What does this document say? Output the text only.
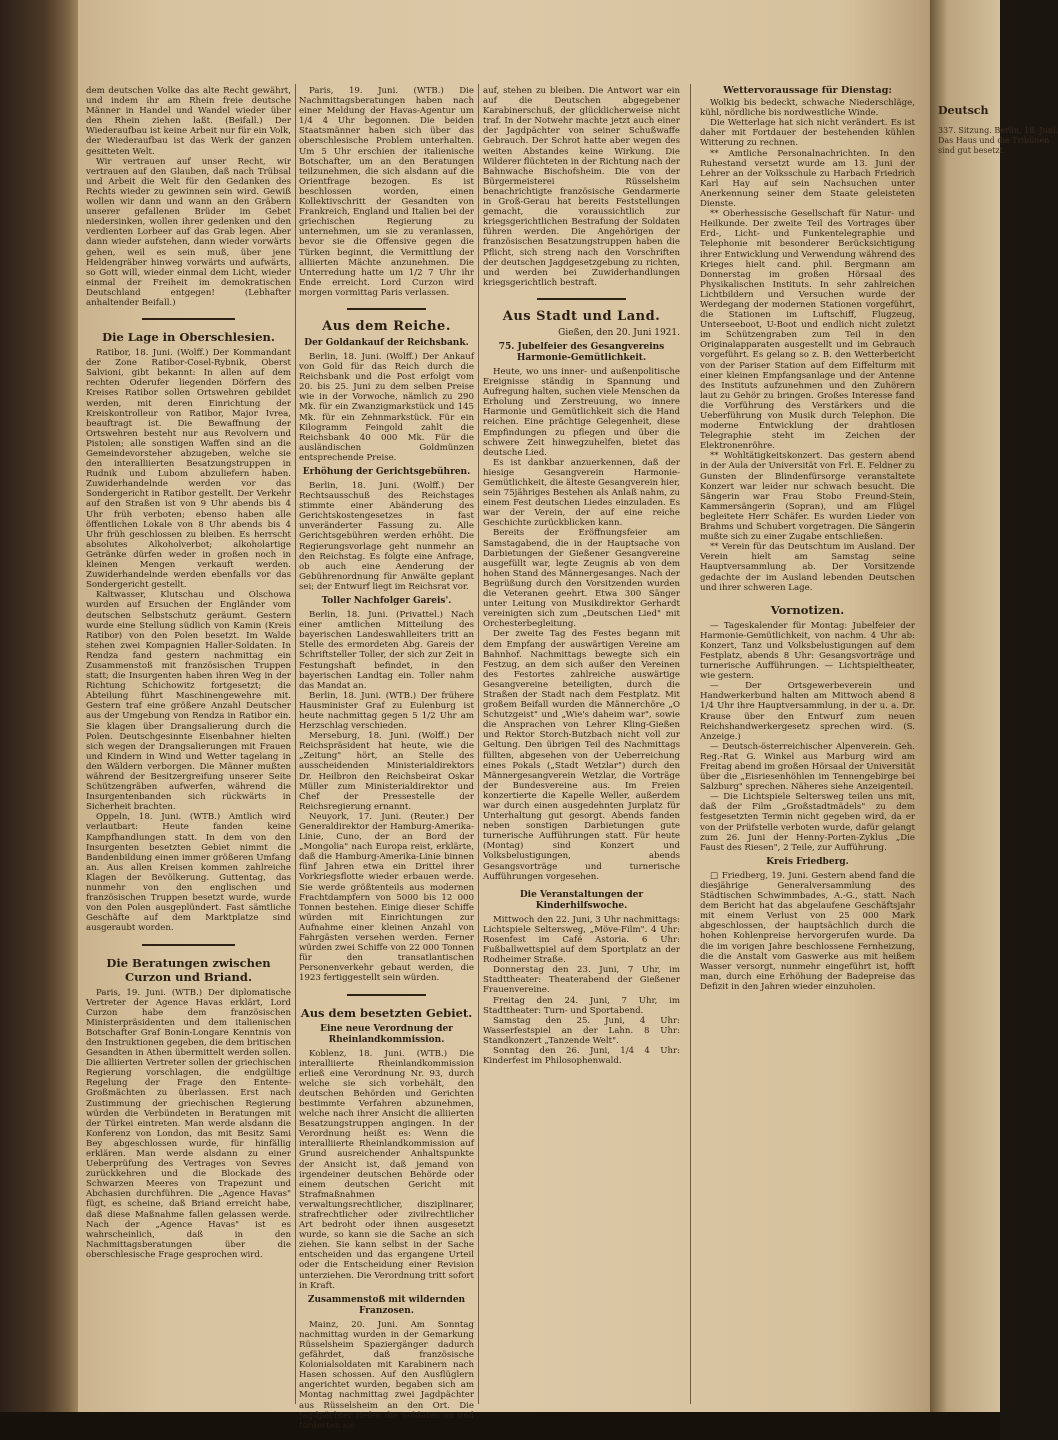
Deutsch
337. Sitzung. Berlin, 18. Juni. Das Haus und die Tribünen sind gut besetzt.

dem deutschen Volke das alte Recht gewährt, und indem ihr am Rhein freie deutsche Männer in Handel und Wandel wieder über den Rhein ziehen laßt. (Beifall.) Der Wiederaufbau ist keine Arbeit nur für ein Volk, der Wiederaufbau ist das Werk der ganzen gesitteten Welt.

Wir vertrauen auf unser Recht, wir vertrauen auf den Glauben, daß nach Trübsal und Arbeit die Welt für den Gedanken des Rechts wieder zu gewinnen sein wird. Gewiß wollen wir dann und wann an den Gräbern unserer gefallenen Brüder im Gebet niedersinken, wollen ihrer gedenken und den verdienten Lorbeer auf das Grab legen. Aber dann wieder aufstehen, dann wieder vorwärts gehen, weil es sein muß, über jene Heldengräber hinweg vorwärts und aufwärts, so Gott will, wieder einmal dem Licht, wieder einmal der Freiheit im demokratischen Deutschland entgegen! (Lebhafter anhaltender Beifall.)

Die Lage in Oberschlesien.

Ratibor, 18. Juni. (Wolff.) Der Kommandant der Zone Ratibor-Cosel-Rybnik, Oberst Salvioni, gibt bekannt: In allen auf dem rechten Oderufer liegenden Dörfern des Kreises Ratibor sollen Ortswehren gebildet werden, mit deren Einrichtung der Kreiskontrolleur von Ratibor, Major Ivrea, beauftragt ist. Die Bewaffnung der Ortswehren besteht nur aus Revolvern und Pistolen; alle sonstigen Waffen sind an die Gemeindevorsteher abzugeben, welche sie den interalliierten Besatzungstruppen in Rudnik und Lubom abzuliefern haben. Zuwiderhandelnde werden vor das Sondergericht in Ratibor gestellt. Der Verkehr auf den Straßen ist von 9 Uhr abends bis 4 Uhr früh verboten; ebenso haben alle öffentlichen Lokale von 8 Uhr abends bis 4 Uhr früh geschlossen zu bleiben. Es herrscht absolutes Alkoholverbot; alkoholartige Getränke dürfen weder in großen noch in kleinen Mengen verkauft werden. Zuwiderhandelnde werden ebenfalls vor das Sondergericht gestellt.

Kaltwasser, Klutschau und Olschowa wurden auf Ersuchen der Engländer vom deutschen Selbstschutz geräumt. Gestern wurde eine Stellung südlich von Kamin (Kreis Ratibor) von den Polen besetzt. Im Walde stehen zwei Kompagnien Haller-Soldaten. In Rendza fand gestern nachmittag ein Zusammenstoß mit französischen Truppen statt; die Insurgenten haben ihren Weg in der Richtung Schichowitz fortgesetzt; die Abteilung führt Maschinengewehre mit. Gestern traf eine größere Anzahl Deutscher aus der Umgebung von Rendza in Ratibor ein. Sie klagen über Drangsalierung durch die Polen. Deutschgesinnte Eisenbahner hielten sich wegen der Drangsalierungen mit Frauen und Kindern in Wind und Wetter tagelang in den Wäldern verborgen. Die Männer mußten während der Besitzergreifung unserer Seite Schützengräben aufwerfen, während die Insurgentenbanden sich rückwärts in Sicherheit brachten.

Oppeln, 18. Juni. (WTB.) Amtlich wird verlautbart: Heute fanden keine Kampfhandlungen statt. In dem von den Insurgenten besetzten Gebiet nimmt die Bandenbildung einen immer größeren Umfang an. Aus allen Kreisen kommen zahlreiche Klagen der Bevölkerung. Guttentag, das nunmehr von den englischen und französischen Truppen besetzt wurde, wurde von den Polen ausgeplündert. Fast sämtliche Geschäfte auf dem Marktplatze sind ausgeraubt worden.

Die Beratungen zwischen Curzon und Briand.

Paris, 19. Juni. (WTB.) Der diplomatische Vertreter der Agence Havas erklärt, Lord Curzon habe dem französischen Ministerpräsidenten und dem italienischen Botschafter Graf Bonin-Longare Kenntnis von den Instruktionen gegeben, die dem britischen Gesandten in Athen übermittelt werden sollen. Die alliierten Vertreter sollen der griechischen Regierung vorschlagen, die endgültige Regelung der Frage den Entente-Großmächten zu überlassen. Erst nach Zustimmung der griechischen Regierung würden die Verbündeten in Beratungen mit der Türkei eintreten. Man werde alsdann die Konferenz von London, das mit Besitz Sami Bey abgeschlossen wurde, für hinfällig erklären. Man werde alsdann zu einer Ueberprüfung des Vertrages von Sevres zurückkehren und die Blockade des Schwarzen Meeres von Trapezunt und Abchasien durchführen. Die „Agence Havas" fügt, es scheine, daß Briand erreicht habe, daß diese Maßnahme fallen gelassen werde. Nach der „Agence Havas" ist es wahrscheinlich, daß in den Nachmittagsberatungen über die oberschlesische Frage gesprochen wird.

Paris, 19. Juni. (WTB.) Die Nachmittagsberatungen haben nach einer Meldung der Havas-Agentur um 1/4 4 Uhr begonnen. Die beiden Staatsmänner haben sich über das oberschlesische Problem unterhalten. Um 5 Uhr erschien der italienische Botschafter, um an den Beratungen teilzunehmen, die sich alsdann auf die Orientfrage bezogen. Es ist beschlossen worden, einen Kollektivschritt der Gesandten von Frankreich, England und Italien bei der griechischen Regierung zu unternehmen, um sie zu veranlassen, bevor sie die Offensive gegen die Türken beginnt, die Vermittlung der alliierten Mächte anzunehmen. Die Unterredung hatte um 1/2 7 Uhr ihr Ende erreicht. Lord Curzon wird morgen vormittag Paris verlassen.

Aus dem Reiche.
Der Goldankauf der Reichsbank.

Berlin, 18. Juni. (Wolff.) Der Ankauf von Gold für das Reich durch die Reichsbank und die Post erfolgt vom 20. bis 25. Juni zu dem selben Preise wie in der Vorwoche, nämlich zu 290 Mk. für ein Zwanzigmarkstück und 145 Mk. für ein Zehnmarkstück. Für ein Kilogramm Feingold zahlt die Reichsbank 40 000 Mk. Für die ausländischen Goldmünzen entsprechende Preise.

Erhöhung der Gerichtsgebühren.

Berlin, 18. Juni. (Wolff.) Der Rechtsausschuß des Reichstages stimmte einer Abänderung des Gerichtskostengesetzes in fast unveränderter Fassung zu. Alle Gerichtsgebühren werden erhöht. Die Regierungsvorlage geht nunmehr an den Reichstag. Es folgte eine Anfrage, ob auch eine Aenderung der Gebührenordnung für Anwälte geplant sei; der Entwurf liegt im Reichsrat vor.

Toller Nachfolger Gareis'.

Berlin, 18. Juni. (Privattel.) Nach einer amtlichen Mitteilung des bayerischen Landeswahlleiters tritt an Stelle des ermordeten Abg. Gareis der Schriftsteller Toller, der sich zur Zeit in Festungshaft befindet, in den bayerischen Landtag ein. Toller nahm das Mandat an.

Berlin, 18. Juni. (WTB.) Der frühere Hausminister Graf zu Eulenburg ist heute nachmittag gegen 5 1/2 Uhr am Herzschlag verschieden.

Merseburg, 18. Juni. (Wolff.) Der Reichspräsident hat heute, wie die „Zeitung" hört, an Stelle des ausscheidenden Ministerialdirektors Dr. Heilbron den Reichsbeirat Oskar Müller zum Ministerialdirektor und Chef der Pressestelle der Reichsregierung ernannt.

Neuyork, 17. Juni. (Reuter.) Der Generaldirektor der Hamburg-Amerika-Linie, Cuno, der an Bord der „Mongolia" nach Europa reist, erklärte, daß die Hamburg-Amerika-Linie binnen fünf Jahren etwa ein Drittel ihrer Vorkriegsflotte wieder erbauen werde. Sie werde größtenteils aus modernen Frachtdampfern von 5000 bis 12 000 Tonnen bestehen. Einige dieser Schiffe würden mit Einrichtungen zur Aufnahme einer kleinen Anzahl von Fahrgästen versehen werden. Ferner würden zwei Schiffe von 22 000 Tonnen für den transatlantischen Personenverkehr gebaut werden, die 1923 fertiggestellt sein würden.

Aus dem besetzten Gebiet.
Eine neue Verordnung der Rheinlandkommission.

Koblenz, 18. Juni. (WTB.) Die interalliierte Rheinlandkommission erließ eine Verordnung Nr. 93, durch welche sie sich vorbehält, den deutschen Behörden und Gerichten bestimmte Verfahren abzunehmen, welche nach ihrer Ansicht die alliierten Besatzungstruppen angingen. In der Verordnung heißt es: Wenn die interalliierte Rheinlandkommission auf Grund ausreichender Anhaltspunkte der Ansicht ist, daß jemand von irgendeiner deutschen Behörde oder einem deutschen Gericht mit Strafmaßnahmen verwaltungsrechtlicher, disziplinarer, strafrechtlicher oder zivilrechtlicher Art bedroht oder ihnen ausgesetzt wurde, so kann sie die Sache an sich ziehen. Sie kann selbst in der Sache entscheiden und das ergangene Urteil oder die Entscheidung einer Revision unterziehen. Die Verordnung tritt sofort in Kraft.

Zusammenstoß mit wildernden Franzosen.

Mainz, 20. Juni. Am Sonntag nachmittag wurden in der Gemarkung Rüsselsheim Spaziergänger dadurch gefährdet, daß französische Kolonialsoldaten mit Karabinern nach Hasen schossen. Auf den Ausflüglern angerichtet wurden, begaben sich am Montag nachmittag zwei Jagdpächter aus Rüsselsheim an den Ort. Die Jagdpächter riefen die Soldaten an und forderten sie

auf, stehen zu bleiben. Die Antwort war ein auf die Deutschen abgegebener Karabinerschuß, der glücklicherweise nicht traf. In der Notwehr machte jetzt auch einer der Jagdpächter von seiner Schußwaffe Gebrauch. Der Schrot hatte aber wegen des weiten Abstandes keine Wirkung. Die Wilderer flüchteten in der Richtung nach der Bahnwache Bischofsheim. Die von der Bürgermeisterei Rüsselsheim benachrichtigte französische Gendarmerie in Groß-Gerau hat bereits Feststellungen gemacht, die voraussichtlich zur kriegsgerichtlichen Bestrafung der Soldaten führen werden. Die Angehörigen der französischen Besatzungstruppen haben die Pflicht, sich streng nach den Vorschriften der deutschen Jagdgesetzgebung zu richten, und werden bei Zuwiderhandlungen kriegsgerichtlich bestraft.

Aus Stadt und Land.
Gießen, den 20. Juni 1921.
75. Jubelfeier des Gesangvereins Harmonie-Gemütlichkeit.

Heute, wo uns inner- und außenpolitische Ereignisse ständig in Spannung und Aufregung halten, suchen viele Menschen da Erholung und Zerstreuung, wo innere Harmonie und Gemütlichkeit sich die Hand reichen. Eine prächtige Gelegenheit, diese Empfindungen zu pflegen und über die schwere Zeit hinwegzuhelfen, bietet das deutsche Lied.

Es ist dankbar anzuerkennen, daß der hiesige Gesangverein Harmonie-Gemütlichkeit, die älteste Gesangverein hier, sein 75jähriges Bestehen als Anlaß nahm, zu einem Fest deutschen Liedes einzuladen. Es war der Verein, der auf eine reiche Geschichte zurückblicken kann.

Bereits der Eröffnungsfeier am Samstagabend, die in der Hauptsache von Darbietungen der Gießener Gesangvereine ausgefüllt war, legte Zeugnis ab von dem hohen Stand des Männergesanges. Nach der Begrüßung durch den Vorsitzenden wurden die Veteranen geehrt. Etwa 300 Sänger unter Leitung von Musikdirektor Gerhardt vereinigten sich zum „Deutschen Lied" mit Orchesterbegleitung.

Der zweite Tag des Festes begann mit dem Empfang der auswärtigen Vereine am Bahnhof. Nachmittags bewegte sich ein Festzug, an dem sich außer den Vereinen des Festortes zahlreiche auswärtige Gesangvereine beteiligten, durch die Straßen der Stadt nach dem Festplatz. Mit großem Beifall wurden die Männerchöre „O Schutzgeist" und „Wie's daheim war", sowie die Ansprachen von Lehrer Kling-Gießen und Rektor Storch-Butzbach nicht voll zur Geltung. Den übrigen Teil des Nachmittags füllten, abgesehen von der Ueberreichung eines Pokals („Stadt Wetzlar") durch den Männergesangverein Wetzlar, die Vorträge der Bundesvereine aus. Im Freien konzertierte die Kapelle Weller, außerdem war durch einen ausgedehnten Jurplatz für Unterhaltung gut gesorgt. Abends fanden neben sonstigen Darbietungen gute turnerische Aufführungen statt. Für heute (Montag) sind Konzert und Volksbelustigungen, abends Gesangsvorträge und turnerische Aufführungen vorgesehen.

Die Veranstaltungen der Kinderhilfswoche.

Mittwoch den 22. Juni, 3 Uhr nachmittags: Lichtspiele Seltersweg, „Möve-Film". 4 Uhr: Rosenfest im Café Astoria. 6 Uhr: Fußballwettspiel auf dem Sportplatz an der Rodheimer Straße.

Donnerstag den 23. Juni, 7 Uhr, im Stadttheater: Theaterabend der Gießener Frauenvereine.

Freitag den 24. Juni, 7 Uhr, im Stadttheater: Turn- und Sportabend.

Samstag den 25. Juni, 4 Uhr: Wasserfestspiel an der Lahn. 8 Uhr: Standkonzert „Tanzende Welt".

Sonntag den 26. Juni, 1/4 4 Uhr: Kinderfest im Philosophenwald.

Wettervoraussage für Dienstag:

Wolkig bis bedeckt, schwache Niederschläge, kühl, nördliche bis nordwestliche Winde.

Die Wetterlage hat sich nicht verändert. Es ist daher mit Fortdauer der bestehenden kühlen Witterung zu rechnen.

** Amtliche Personalnachrichten. In den Ruhestand versetzt wurde am 13. Juni der Lehrer an der Volksschule zu Harbach Friedrich Karl Hay auf sein Nachsuchen unter Anerkennung seiner dem Staate geleisteten Dienste.

** Oberhessische Gesellschaft für Natur- und Heilkunde. Der zweite Teil des Vortrages über Erd-, Licht- und Funkentelegraphie und Telephonie mit besonderer Berücksichtigung ihrer Entwicklung und Verwendung während des Krieges hielt cand. phil. Bergmann am Donnerstag im großen Hörsaal des Physikalischen Instituts. In sehr zahlreichen Lichtbildern und Versuchen wurde der Werdegang der modernen Stationen vorgeführt, die Stationen im Luftschiff, Flugzeug, Unterseeboot, U-Boot und endlich nicht zuletzt im Schützengraben zum Teil in den Originalapparaten ausgestellt und im Gebrauch vorgeführt. Es gelang so z. B. den Wetterbericht von der Pariser Station auf dem Eiffelturm mit einer kleinen Empfangsanlage und der Antenne des Instituts aufzunehmen und den Zuhörern laut zu Gehör zu bringen. Großes Interesse fand die Vorführung des Verstärkers und die Ueberführung von Musik durch Telephon. Die moderne Entwicklung der drahtlosen Telegraphie steht im Zeichen der Elektronenröhre.

** Wohltätigkeitskonzert. Das gestern abend in der Aula der Universität von Frl. E. Feldner zu Gunsten der Blindenfürsorge veranstaltete Konzert war leider nur schwach besucht. Die Sängerin war Frau Stobo Freund-Stein, Kammersängerin (Sopran), und am Flügel begleitete Herr Schäfer. Es wurden Lieder von Brahms und Schubert vorgetragen. Die Sängerin mußte sich zu einer Zugabe entschließen.

** Verein für das Deutschtum im Ausland. Der Verein hielt am Samstag seine Hauptversammlung ab. Der Vorsitzende gedachte der im Ausland lebenden Deutschen und ihrer schweren Lage.

Vornotizen.

— Tageskalender für Montag: Jubelfeier der Harmonie-Gemütlichkeit, von nachm. 4 Uhr ab: Konzert, Tanz und Volksbelustigungen auf dem Festplatz, abends 8 Uhr: Gesangsvorträge und turnerische Aufführungen. — Lichtspieltheater, wie gestern.

— Der Ortsgewerbeverein und Handwerkerbund halten am Mittwoch abend 8 1/4 Uhr ihre Hauptversammlung, in der u. a. Dr. Krause über den Entwurf zum neuen Reichshandwerkergesetz sprechen wird. (S. Anzeige.)

— Deutsch-österreichischer Alpenverein. Geh. Reg.-Rat G. Winkel aus Marburg wird am Freitag abend im großen Hörsaal der Universität über die „Eisriesenhöhlen im Tennengebirge bei Salzburg" sprechen. Näheres siehe Anzeigenteil.

— Die Lichtspiele Seltersweg teilen uns mit, daß der Film „Großstadtmädels" zu dem festgesetzten Termin nicht gegeben wird, da er von der Prüfstelle verboten wurde, dafür gelangt zum 26. Juni der Henny-Porten-Zyklus „Die Faust des Riesen", 2 Teile, zur Aufführung.

Kreis Friedberg.

□ Friedberg, 19. Juni. Gestern abend fand die diesjährige Generalversammlung des Städtischen Schwimmbades, A.-G., statt. Nach dem Bericht hat das abgelaufene Geschäftsjahr mit einem Verlust von 25 000 Mark abgeschlossen, der hauptsächlich durch die hohen Kohlenpreise hervorgerufen wurde. Da die im vorigen Jahre beschlossene Fernheizung, die die Anstalt vom Gaswerke aus mit heißem Wasser versorgt, nunmehr eingeführt ist, hofft man, durch eine Erhöhung der Badepreise das Defizit in den Jahren wieder einzuholen.
